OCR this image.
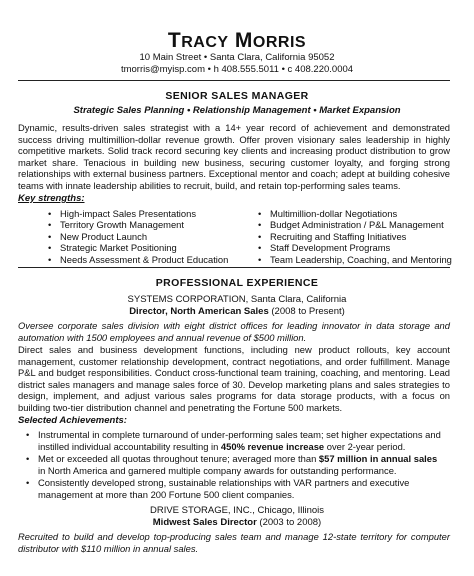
TRACY MORRIS
10 Main Street • Santa Clara, California 95052
tmorris@myisp.com • h 408.555.5011 • c 408.220.0004
SENIOR SALES MANAGER
Strategic Sales Planning • Relationship Management • Market Expansion
Dynamic, results-driven sales strategist with a 14+ year record of achievement and demonstrated success driving multimillion-dollar revenue growth. Offer proven visionary sales leadership in highly competitive markets. Solid track record securing key clients and increasing product distribution to grow market share. Tenacious in building new business, securing customer loyalty, and forging strong relationships with external business partners. Exceptional mentor and coach; adept at building cohesive teams with innate leadership abilities to recruit, build, and retain top-performing sales teams.
Key strengths:
• High-impact Sales Presentations
• Territory Growth Management
• New Product Launch
• Strategic Market Positioning
• Needs Assessment & Product Education
• Multimillion-dollar Negotiations
• Budget Administration / P&L Management
• Recruiting and Staffing Initiatives
• Staff Development Programs
• Team Leadership, Coaching, and Mentoring
PROFESSIONAL EXPERIENCE
SYSTEMS CORPORATION, Santa Clara, California
Director, North American Sales (2008 to Present)
Oversee corporate sales division with eight district offices for leading innovator in data storage and automation with 1500 employees and annual revenue of $500 million.
Direct sales and business development functions, including new product rollouts, key account management, customer relationship development, contract negotiations, and order fulfillment. Manage P&L and budget responsibilities. Conduct cross-functional team training, coaching, and mentoring. Lead district sales managers and manage sales force of 30. Develop marketing plans and sales strategies to design, implement, and adjust various sales programs for data storage products, with a focus on building two-tier distribution channel and penetrating the Fortune 500 markets.
Selected Achievements:
• Instrumental in complete turnaround of under-performing sales team; set higher expectations and instilled individual accountability resulting in 450% revenue increase over 2-year period.
• Met or exceeded all quotas throughout tenure; averaged more than $57 million in annual sales in North America and garnered multiple company awards for outstanding performance.
• Consistently developed strong, sustainable relationships with VAR partners and executive management at more than 200 Fortune 500 client companies.
DRIVE STORAGE, INC., Chicago, Illinois
Midwest Sales Director (2003 to 2008)
Recruited to build and develop top-producing sales team and manage 12-state territory for computer distributor with $110 million in annual sales.
